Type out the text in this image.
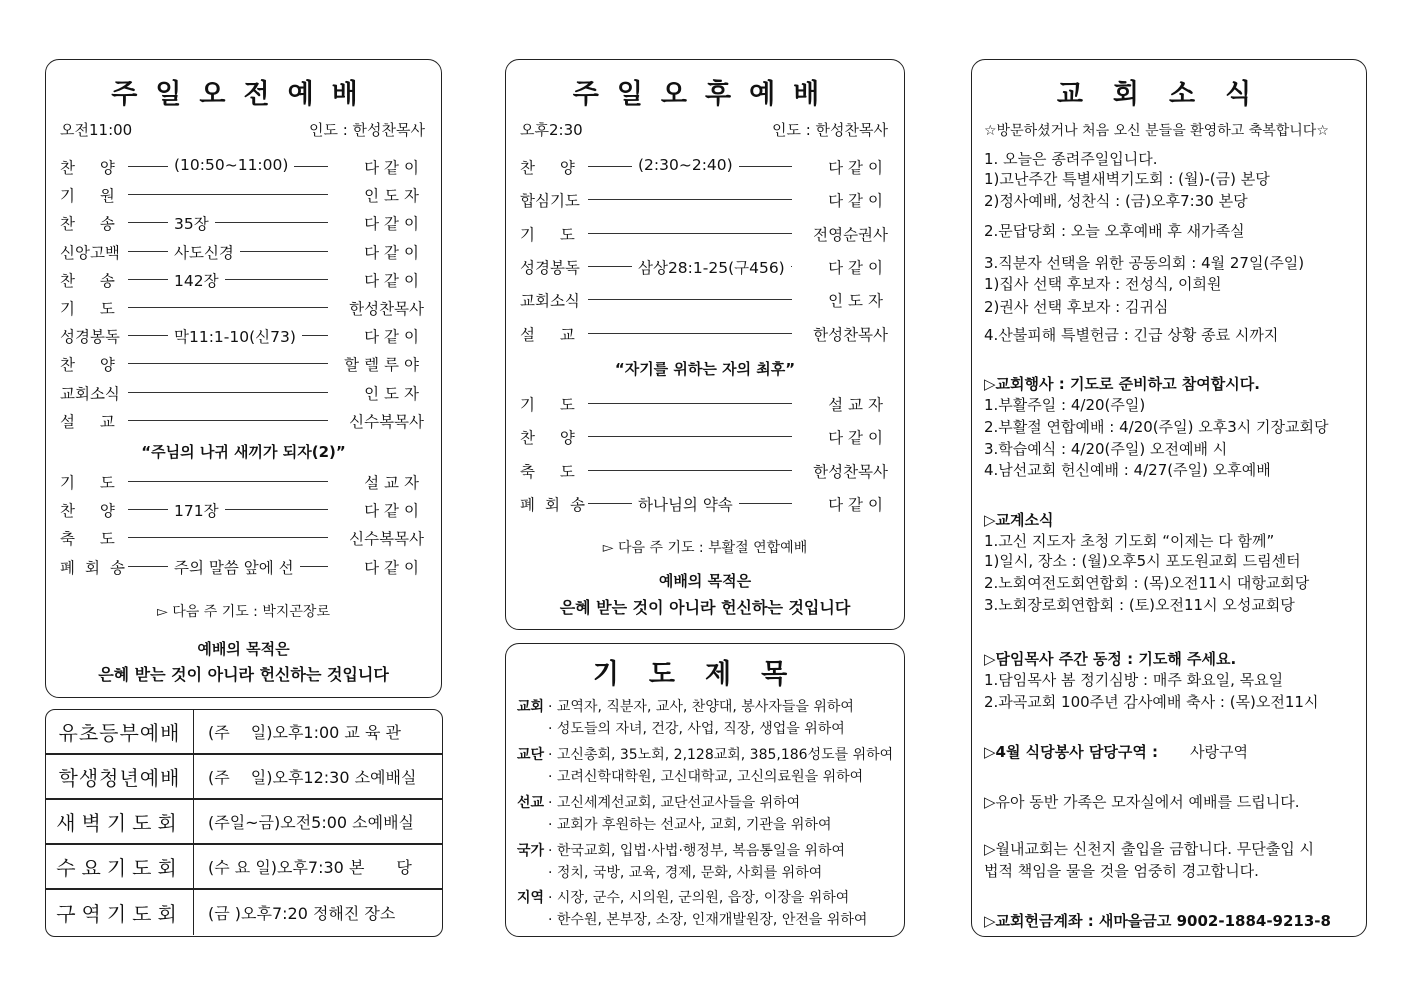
주일오전예배
오전11:00	인도 : 한성찬목사
찬 양	(10:50~11:00)	다같이
기 원	인도자
찬 송	35장	다같이
신앙고백	사도신경	다같이
찬 송	142장	다같이
기 도	한성찬목사
성경봉독	막11:1-10(신73)	다같이
찬 양	할렐루야
교회소식	인도자
설 교	신수복목사
“주님의 나귀 새끼가 되자(2)”
기 도	설교자
찬 양	171장	다같이
축 도	신수복목사
폐회송	주의 말씀 앞에 선	다같이
▻ 다음 주 기도 : 박지곤장로
예배의 목적은
은혜 받는 것이 아니라 헌신하는 것입니다
유초등부예배	(주　 일)오후1:00 교 육 관
학생청년예배	(주　 일)오후12:30 소예배실
새벽기도회	(주일~금)오전5:00 소예배실
수요기도회	(수 요 일)오후7:30 본　　당
구역기도회	(금 )오후7:20 정해진 장소
주일오후예배
오후2:30	인도 : 한성찬목사
찬 양	(2:30~2:40)	다같이
합심기도	다같이
기 도	전영순권사
성경봉독	삼상28:1-25(구456)	다같이
교회소식	인도자
설 교	한성찬목사
“자기를 위하는 자의 최후”
기 도	설교자
찬 양	다같이
축 도	한성찬목사
폐회송	하나님의 약속	다같이
▻ 다음 주 기도 : 부활절 연합예배
예배의 목적은
은혜 받는 것이 아니라 헌신하는 것입니다
기도제목
교회 · 교역자, 직분자, 교사, 찬양대, 봉사자들을 위하여
· 성도들의 자녀, 건강, 사업, 직장, 생업을 위하여
교단 · 고신총회, 35노회, 2,128교회, 385,186성도를 위하여
· 고려신학대학원, 고신대학교, 고신의료원을 위하여
선교 · 고신세계선교회, 교단선교사들을 위하여
· 교회가 후원하는 선교사, 교회, 기관을 위하여
국가 · 한국교회, 입법·사법·행정부, 복음통일을 위하여
· 정치, 국방, 교육, 경제, 문화, 사회를 위하여
지역 · 시장, 군수, 시의원, 군의원, 읍장, 이장을 위하여
· 한수원, 본부장, 소장, 인재개발원장, 안전을 위하여
교회소식
☆방문하셨거나 처음 오신 분들을 환영하고 축복합니다☆
1. 오늘은 종려주일입니다.
1)고난주간 특별새벽기도회 : (월)-(금) 본당
2)정사예배, 성찬식 : (금)오후7:30 본당
2.문답당회 : 오늘 오후예배 후 새가족실
3.직분자 선택을 위한 공동의회 : 4월 27일(주일)
1)집사 선택 후보자 : 전성식, 이희원
2)권사 선택 후보자 : 김귀심
4.산불피해 특별헌금 : 긴급 상황 종료 시까지
▷교회행사 : 기도로 준비하고 참여합시다.
1.부활주일 : 4/20(주일)
2.부활절 연합예배 : 4/20(주일) 오후3시 기장교회당
3.학습예식 : 4/20(주일) 오전예배 시
4.남선교회 헌신예배 : 4/27(주일) 오후예배
▷교계소식
1.고신 지도자 초청 기도회 “이제는 다 함께”
1)일시, 장소 : (월)오후5시 포도원교회 드림센터
2.노회여전도회연합회 : (목)오전11시 대항교회당
3.노회장로회연합회 : (토)오전11시 오성교회당
▷담임목사 주간 동정 : 기도해 주세요.
1.담임목사 봄 정기심방 : 매주 화요일, 목요일
2.과곡교회 100주년 감사예배 축사 : (목)오전11시
▷4월 식당봉사 담당구역 : 사랑구역
▷유아 동반 가족은 모자실에서 예배를 드립니다.
▷월내교회는 신천지 출입을 금합니다. 무단출입 시
법적 책임을 물을 것을 엄중히 경고합니다.
▷교회헌금계좌 : 새마을금고 9002-1884-9213-8
